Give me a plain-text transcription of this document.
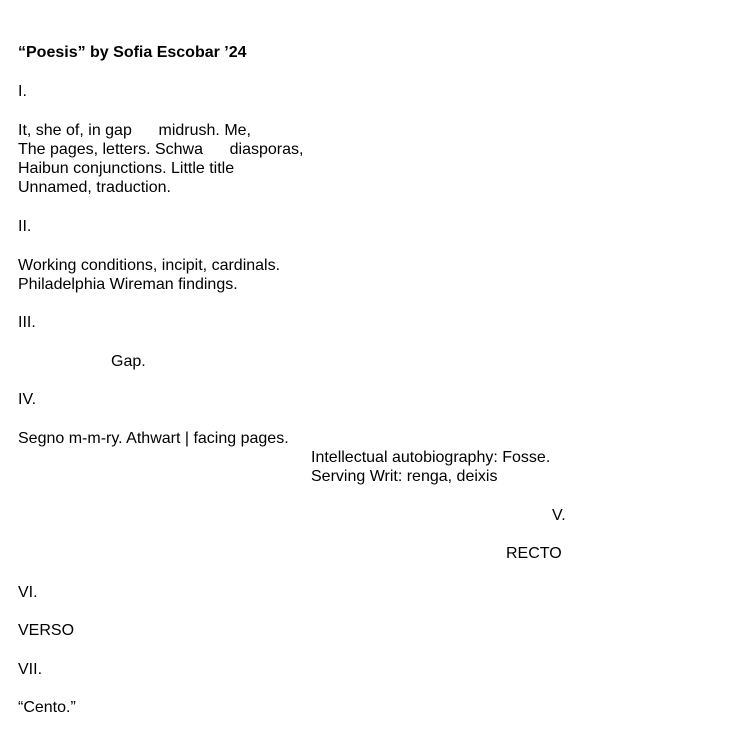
“Poesis” by Sofia Escobar ’24
I.
It, she of, in gap      midrush. Me,
The pages, letters. Schwa      diasporas,
Haibun conjunctions. Little title
Unnamed, traduction.
II.
Working conditions, incipit, cardinals.
Philadelphia Wireman findings.
III.
Gap.
IV.
Segno m-m-ry. Athwart | facing pages.
Intellectual autobiography: Fosse.
Serving Writ: renga, deixis
V.
RECTO
VI.
VERSO
VII.
“Cento.”
